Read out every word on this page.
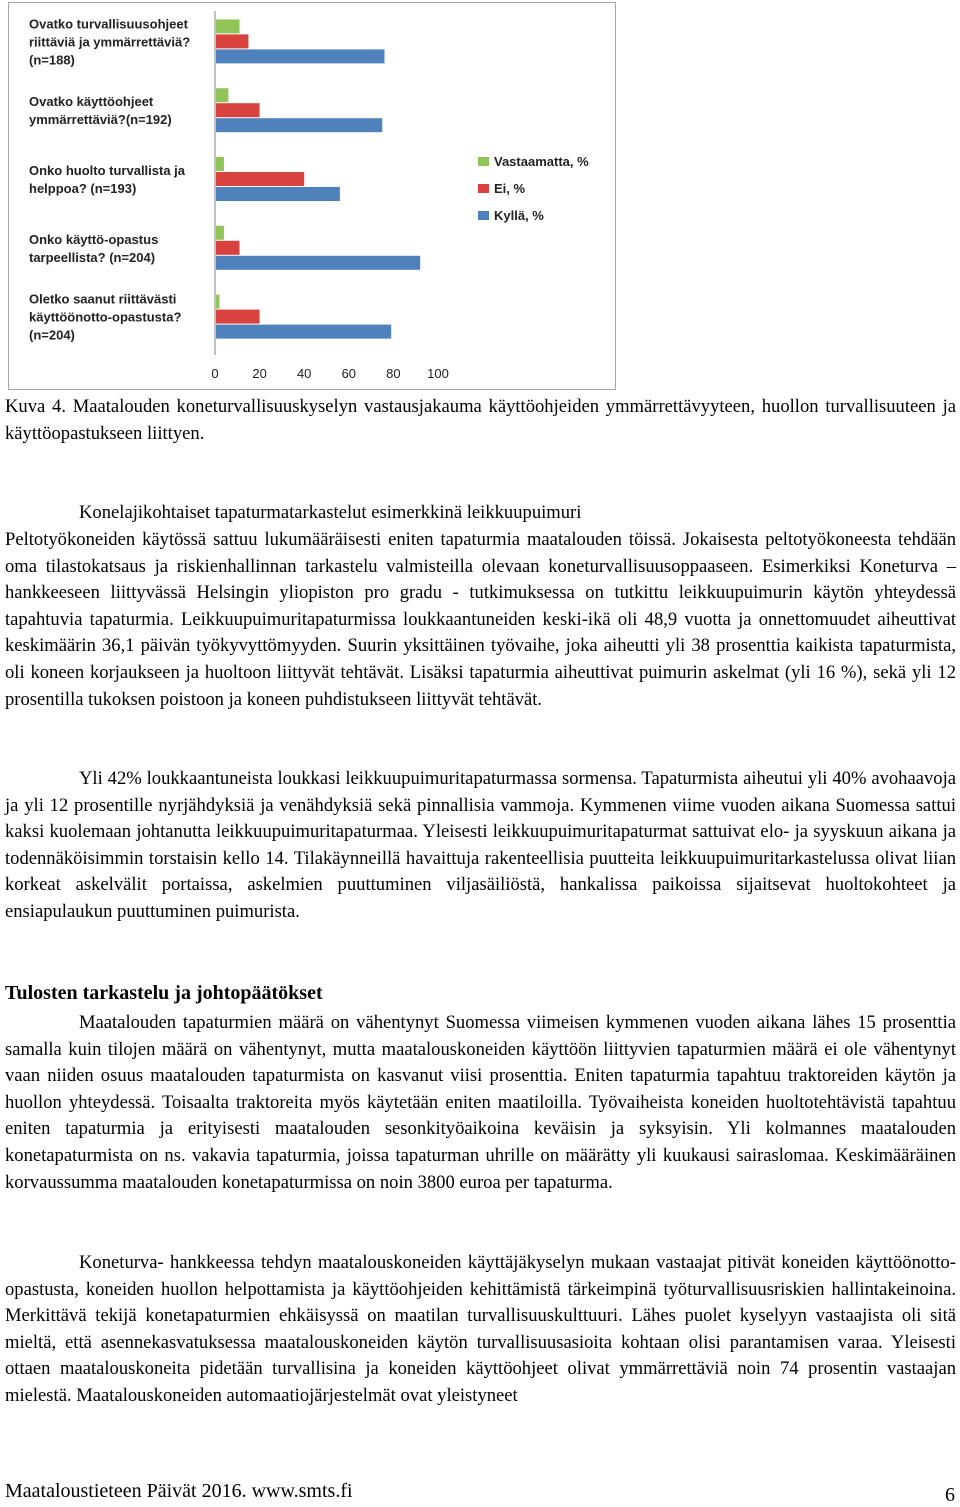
Ovatko turvallisuusohjeet
riittäviä ja ymmärrettäviä?
(n=188)
Ovatko käyttöohjeet
ymmärrettäviä?(n=192)
Onko huolto turvallista ja
helppoa? (n=193)
Onko käyttö-opastus
tarpeellista? (n=204)
Oletko saanut riittävästi
käyttöönotto-opastusta?
(n=204)
0	20 40 60 80 100
Vastaamatta, %
Ei, %
Kyllä, %

Kuva 4. Maatalouden koneturvallisuuskyselyn vastausjakauma käyttöohjeiden ymmärrettävyyteen, huollon turvallisuuteen ja käyttöopastukseen liittyen.

Konelajikohtaiset tapaturmatarkastelut esimerkkinä leikkuupuimuri

Peltotyökoneiden käytössä sattuu lukumääräisesti eniten tapaturmia maatalouden töissä. Jokaisesta peltotyökoneesta tehdään oma tilastokatsaus ja riskienhallinnan tarkastelu valmisteilla olevaan koneturvallisuusoppaaseen. Esimerkiksi Koneturva – hankkeeseen liittyvässä Helsingin yliopiston pro gradu - tutkimuksessa on tutkittu leikkuupuimurin käytön yhteydessä tapahtuvia tapaturmia. Leikkuupuimuritapaturmissa loukkaantuneiden keski-ikä oli 48,9 vuotta ja onnettomuudet aiheuttivat keskimäärin 36,1 päivän työkyvyttömyyden. Suurin yksittäinen työvaihe, joka aiheutti yli 38 prosenttia kaikista tapaturmista, oli koneen korjaukseen ja huoltoon liittyvät tehtävät. Lisäksi tapaturmia aiheuttivat puimurin askelmat (yli 16 %), sekä yli 12 prosentilla tukoksen poistoon ja koneen puhdistukseen liittyvät tehtävät.

Yli 42% loukkaantuneista loukkasi leikkuupuimuritapaturmassa sormensa. Tapaturmista aiheutui yli 40% avohaavoja ja yli 12 prosentille nyrjähdyksiä ja venähdyksiä sekä pinnallisia vammoja. Kymmenen viime vuoden aikana Suomessa sattui kaksi kuolemaan johtanutta leikkuupuimuritapaturmaa. Yleisesti leikkuupuimuritapaturmat sattuivat elo- ja syyskuun aikana ja todennäköisimmin torstaisin kello 14. Tilakäynneillä havaittuja rakenteellisia puutteita leikkuupuimuritarkastelussa olivat liian korkeat askelvälit portaissa, askelmien puuttuminen viljasäiliöstä, hankalissa paikoissa sijaitsevat huoltokohteet ja ensiapulaukun puuttuminen puimurista.

Tulosten tarkastelu ja johtopäätökset

Maatalouden tapaturmien määrä on vähentynyt Suomessa viimeisen kymmenen vuoden aikana lähes 15 prosenttia samalla kuin tilojen määrä on vähentynyt, mutta maatalouskoneiden käyttöön liittyvien tapaturmien määrä ei ole vähentynyt vaan niiden osuus maatalouden tapaturmista on kasvanut viisi prosenttia. Eniten tapaturmia tapahtuu traktoreiden käytön ja huollon yhteydessä. Toisaalta traktoreita myös käytetään eniten maatiloilla. Työvaiheista koneiden huoltotehtävistä tapahtuu eniten tapaturmia ja erityisesti maatalouden sesonkityöaikoina keväisin ja syksyisin. Yli kolmannes maatalouden konetapaturmista on ns. vakavia tapaturmia, joissa tapaturman uhrille on määrätty yli kuukausi sairaslomaa. Keskimääräinen korvaussumma maatalouden konetapaturmissa on noin 3800 euroa per tapaturma.

Koneturva- hankkeessa tehdyn maatalouskoneiden käyttäjäkyselyn mukaan vastaajat pitivät koneiden käyttöönotto-opastusta, koneiden huollon helpottamista ja käyttöohjeiden kehittämistä tärkeimpinä työturvallisuusriskien hallintakeinoina. Merkittävä tekijä konetapaturmien ehkäisyssä on maatilan turvallisuuskulttuuri. Lähes puolet kyselyyn vastaajista oli sitä mieltä, että asennekasvatuksessa maatalouskoneiden käytön turvallisuusasioita kohtaan olisi parantamisen varaa. Yleisesti ottaen maatalouskoneita pidetään turvallisina ja koneiden käyttöohjeet olivat ymmärrettäviä noin 74 prosentin vastaajan mielestä. Maatalouskoneiden automaatiojärjestelmät ovat yleistyneet

Maataloustieteen Päivät 2016. www.smts.fi	6
